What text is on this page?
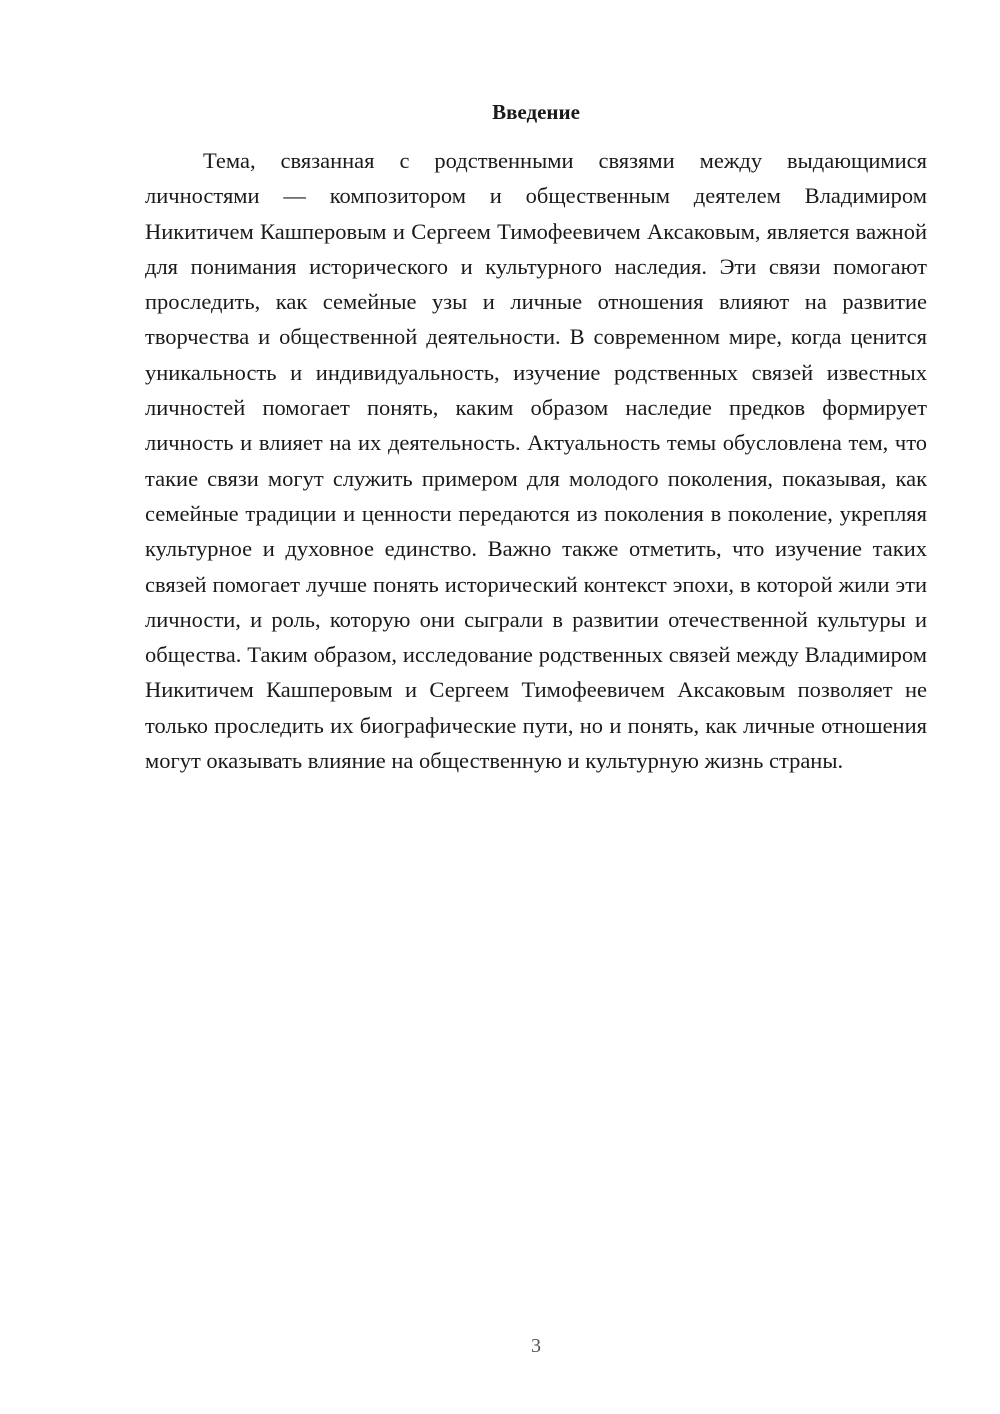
Введение

Тема, связанная с родственными связями между выдающимися личностями — композитором и общественным деятелем Владимиром Никитичем Кашперовым и Сергеем Тимофеевичем Аксаковым, является важной для понимания исторического и культурного наследия. Эти связи помогают проследить, как семейные узы и личные отношения влияют на развитие творчества и общественной деятельности. В современном мире, когда ценится уникальность и индивидуальность, изучение родственных связей известных личностей помогает понять, каким образом наследие предков формирует личность и влияет на их деятельность. Актуальность темы обусловлена тем, что такие связи могут служить примером для молодого поколения, показывая, как семейные традиции и ценности передаются из поколения в поколение, укрепляя культурное и духовное единство. Важно также отметить, что изучение таких связей помогает лучше понять исторический контекст эпохи, в которой жили эти личности, и роль, которую они сыграли в развитии отечественной культуры и общества. Таким образом, исследование родственных связей между Владимиром Никитичем Кашперовым и Сергеем Тимофеевичем Аксаковым позволяет не только проследить их биографические пути, но и понять, как личные отношения могут оказывать влияние на общественную и культурную жизнь страны.

3
